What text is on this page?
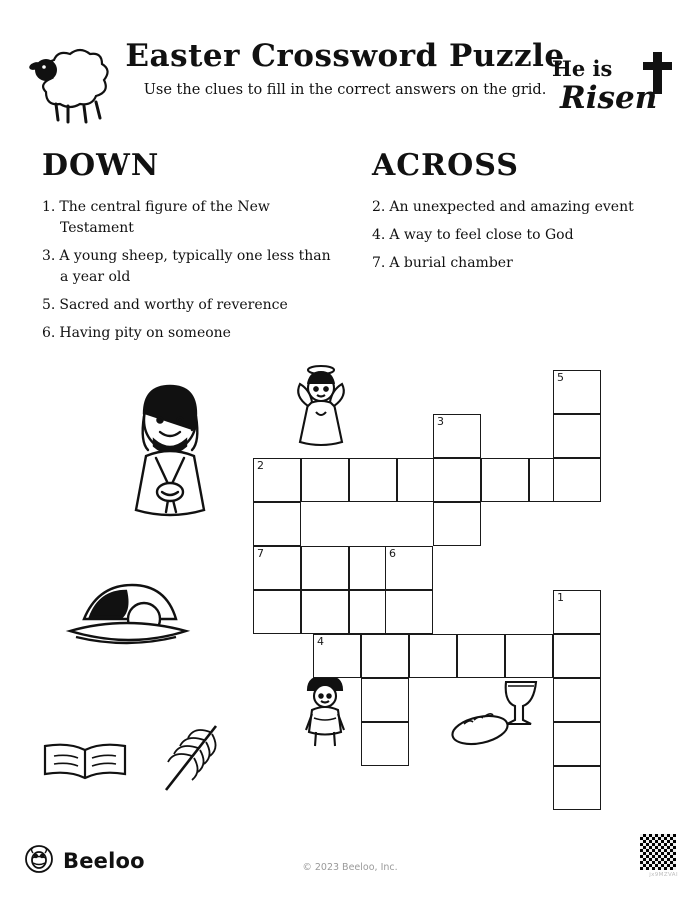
Easter Crossword Puzzle
Use the clues to fill in the correct answers on the grid.
He is
Risen
DOWN
1. The central figure of the New Testament
3. A young sheep, typically one less than a year old
5. Sacred and worthy of reverence
6. Having pity on someone
ACROSS
2. An unexpected and amazing event
4. A way to feel close to God
7. A burial chamber
5
3
2
7	6
1
4
Beeloo	© 2023 Beeloo, Inc.
jx9MZVAI
